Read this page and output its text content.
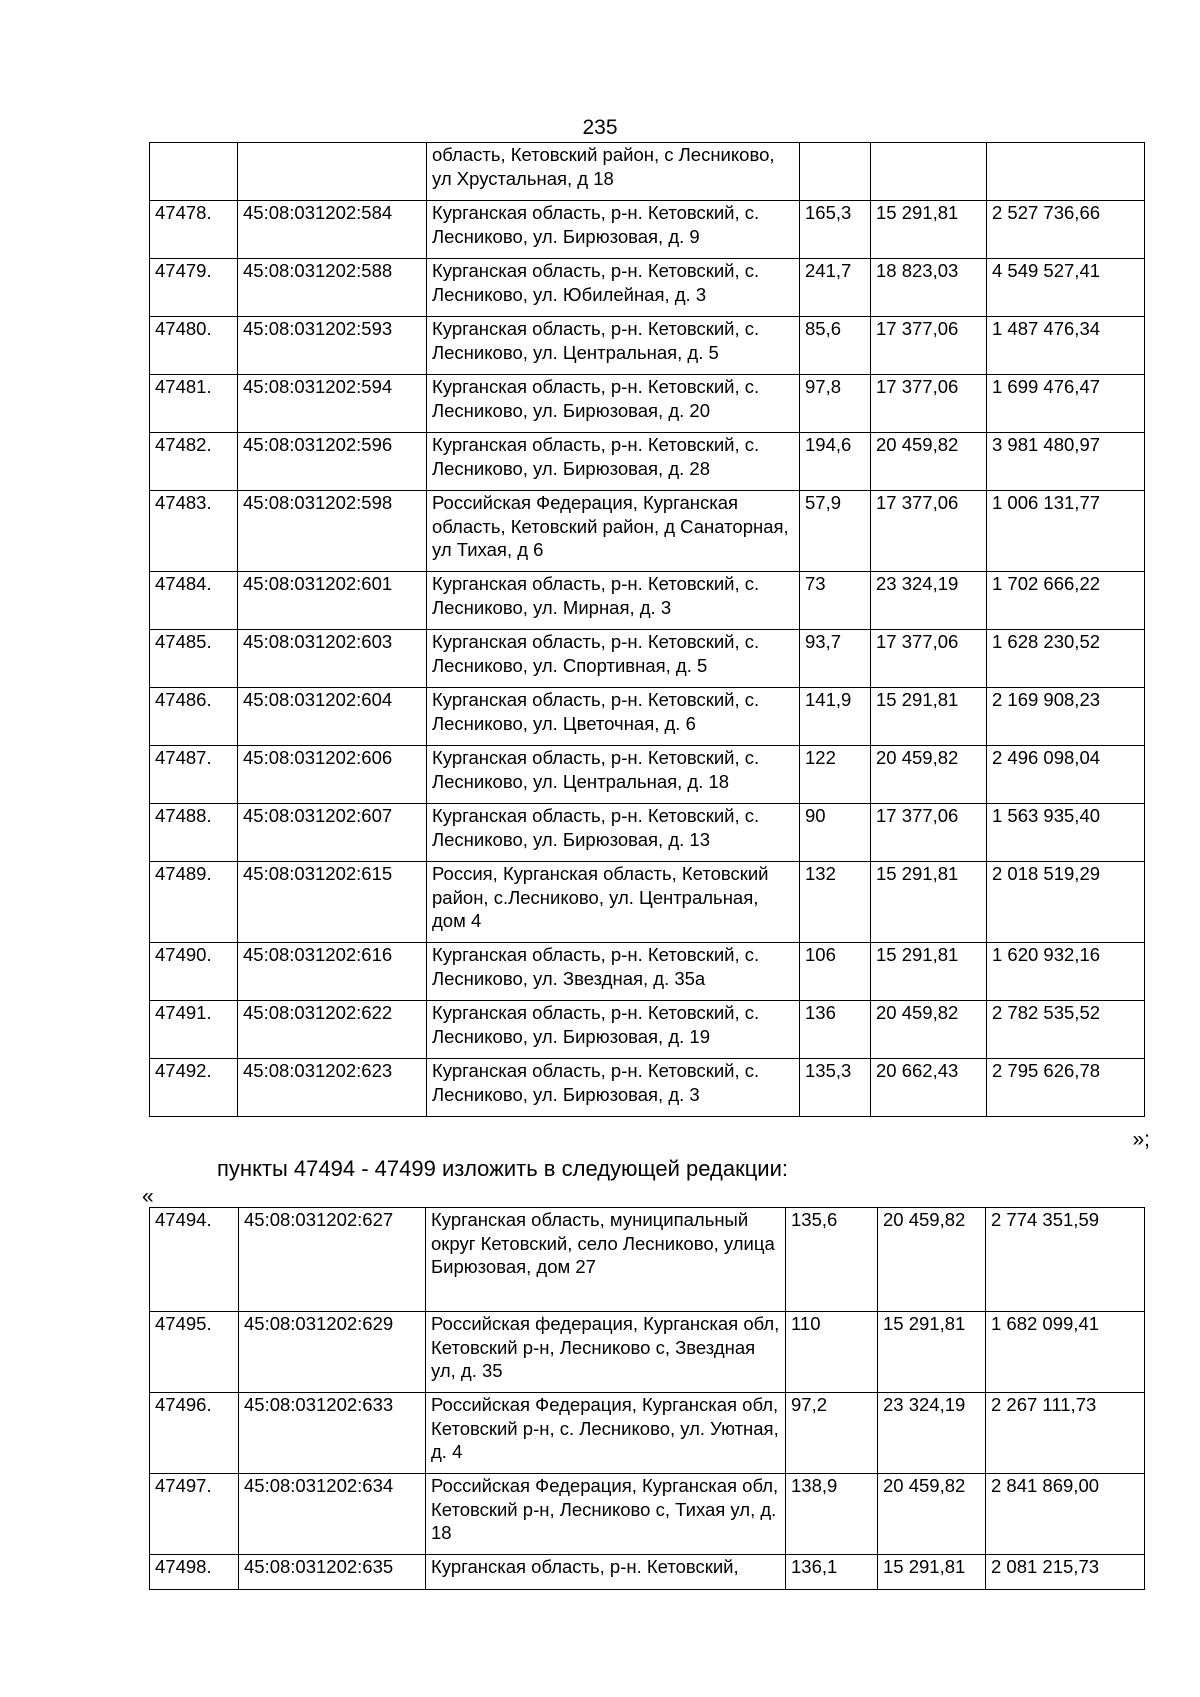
235
		область, Кетовский район, с Лесниково, ул Хрустальная, д 18			
47478.	45:08:031202:584	Курганская область, р-н. Кетовский, с. Лесниково, ул. Бирюзовая, д. 9	165,3	15 291,81	2 527 736,66
47479.	45:08:031202:588	Курганская область, р-н. Кетовский, с. Лесниково, ул. Юбилейная, д. 3	241,7	18 823,03	4 549 527,41
47480.	45:08:031202:593	Курганская область, р-н. Кетовский, с. Лесниково, ул. Центральная, д. 5	85,6	17 377,06	1 487 476,34
47481.	45:08:031202:594	Курганская область, р-н. Кетовский, с. Лесниково, ул. Бирюзовая, д. 20	97,8	17 377,06	1 699 476,47
47482.	45:08:031202:596	Курганская область, р-н. Кетовский, с. Лесниково, ул. Бирюзовая, д. 28	194,6	20 459,82	3 981 480,97
47483.	45:08:031202:598	Российская Федерация, Курганская область, Кетовский район, д Санаторная, ул Тихая, д 6	57,9	17 377,06	1 006 131,77
47484.	45:08:031202:601	Курганская область, р-н. Кетовский, с. Лесниково, ул. Мирная, д. 3	73	23 324,19	1 702 666,22
47485.	45:08:031202:603	Курганская область, р-н. Кетовский, с. Лесниково, ул. Спортивная, д. 5	93,7	17 377,06	1 628 230,52
47486.	45:08:031202:604	Курганская область, р-н. Кетовский, с. Лесниково, ул. Цветочная, д. 6	141,9	15 291,81	2 169 908,23
47487.	45:08:031202:606	Курганская область, р-н. Кетовский, с. Лесниково, ул. Центральная, д. 18	122	20 459,82	2 496 098,04
47488.	45:08:031202:607	Курганская область, р-н. Кетовский, с. Лесниково, ул. Бирюзовая, д. 13	90	17 377,06	1 563 935,40
47489.	45:08:031202:615	Россия, Курганская область, Кетовский район, с.Лесниково, ул. Центральная, дом 4	132	15 291,81	2 018 519,29
47490.	45:08:031202:616	Курганская область, р-н. Кетовский, с. Лесниково, ул. Звездная, д. 35а	106	15 291,81	1 620 932,16
47491.	45:08:031202:622	Курганская область, р-н. Кетовский, с. Лесниково, ул. Бирюзовая, д. 19	136	20 459,82	2 782 535,52
47492.	45:08:031202:623	Курганская область, р-н. Кетовский, с. Лесниково, ул. Бирюзовая, д. 3	135,3	20 662,43	2 795 626,78
»;
пункты 47494 - 47499 изложить в следующей редакции:
«
47494.	45:08:031202:627	Курганская область, муниципальный округ Кетовский, село Лесниково, улица Бирюзовая, дом 27	135,6	20 459,82	2 774 351,59
47495.	45:08:031202:629	Российская федерация, Курганская обл, Кетовский р-н, Лесниково с, Звездная ул, д. 35	110	15 291,81	1 682 099,41
47496.	45:08:031202:633	Российская Федерация, Курганская обл, Кетовский р-н, с. Лесниково, ул. Уютная, д. 4	97,2	23 324,19	2 267 111,73
47497.	45:08:031202:634	Российская Федерация, Курганская обл, Кетовский р-н, Лесниково с, Тихая ул, д. 18	138,9	20 459,82	2 841 869,00
47498.	45:08:031202:635	Курганская область, р-н. Кетовский,	136,1	15 291,81	2 081 215,73
